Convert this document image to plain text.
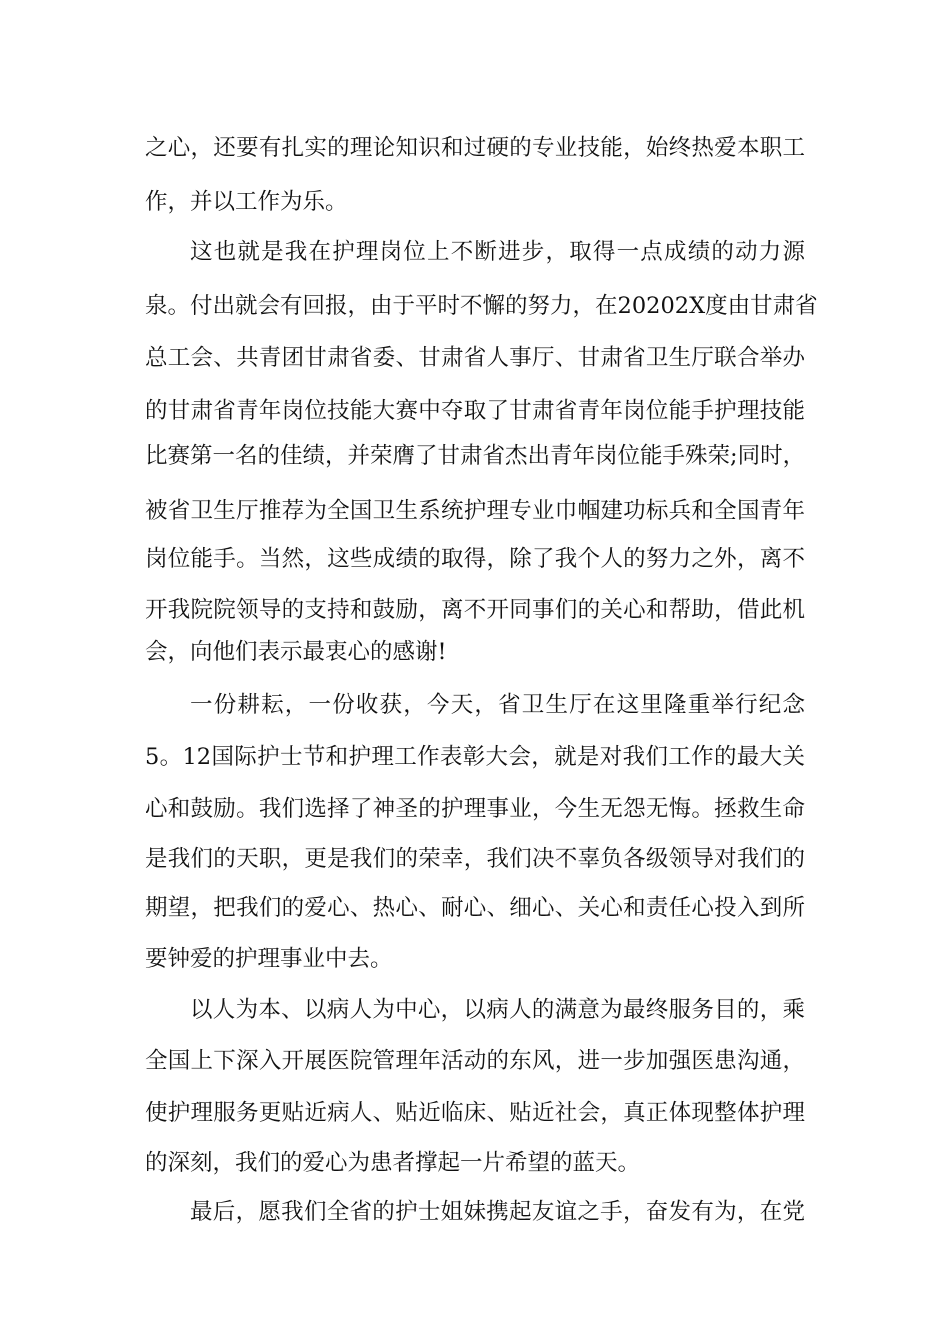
之心，还要有扎实的理论知识和过硬的专业技能，始终热爱本职工
作，并以工作为乐。
这也就是我在护理岗位上不断进步，取得一点成绩的动力源
泉。付出就会有回报，由于平时不懈的努力，在20202X度由甘肃省
总工会、共青团甘肃省委、甘肃省人事厅、甘肃省卫生厅联合举办
的甘肃省青年岗位技能大赛中夺取了甘肃省青年岗位能手护理技能
比赛第一名的佳绩，并荣膺了甘肃省杰出青年岗位能手殊荣;同时，
被省卫生厅推荐为全国卫生系统护理专业巾帼建功标兵和全国青年
岗位能手。当然，这些成绩的取得，除了我个人的努力之外，离不
开我院院领导的支持和鼓励，离不开同事们的关心和帮助，借此机
会，向他们表示最衷心的感谢!
一份耕耘，一份收获，今天，省卫生厅在这里隆重举行纪念
5。12国际护士节和护理工作表彰大会，就是对我们工作的最大关
心和鼓励。我们选择了神圣的护理事业，今生无怨无悔。拯救生命
是我们的天职，更是我们的荣幸，我们决不辜负各级领导对我们的
期望，把我们的爱心、热心、耐心、细心、关心和责任心投入到所
要钟爱的护理事业中去。
以人为本、以病人为中心，以病人的满意为最终服务目的，乘
全国上下深入开展医院管理年活动的东风，进一步加强医患沟通，
使护理服务更贴近病人、贴近临床、贴近社会，真正体现整体护理
的深刻，我们的爱心为患者撑起一片希望的蓝天。
最后，愿我们全省的护士姐妹携起友谊之手，奋发有为，在党
